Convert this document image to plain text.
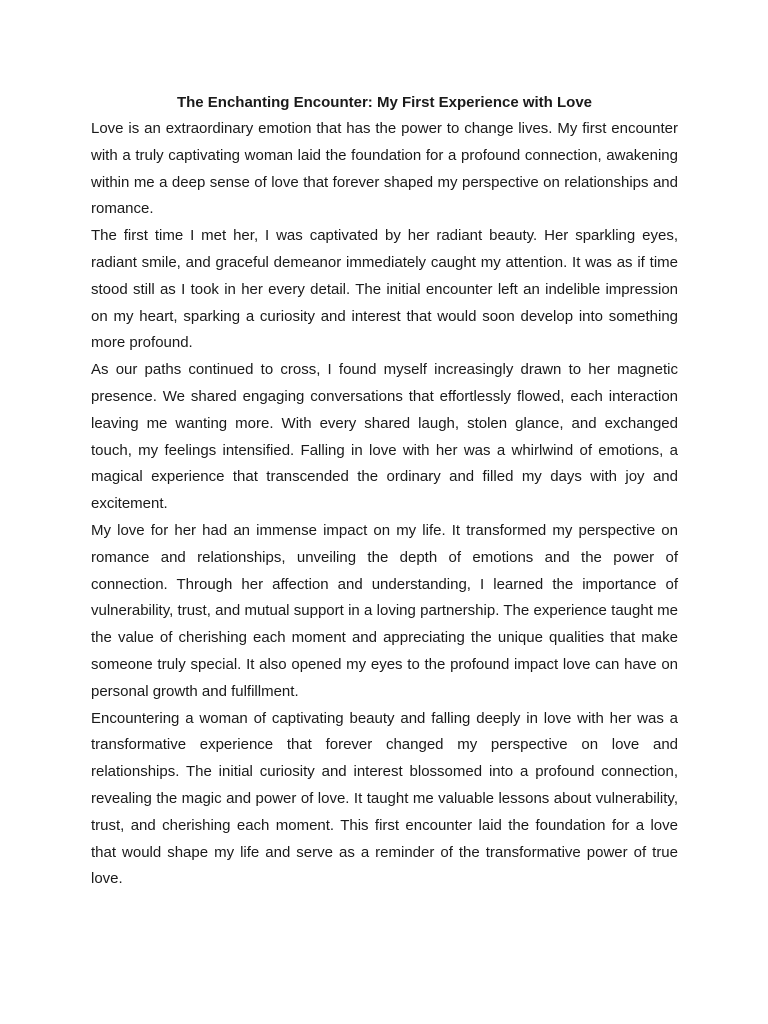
The Enchanting Encounter: My First Experience with Love

Love is an extraordinary emotion that has the power to change lives. My first encounter with a truly captivating woman laid the foundation for a profound connection, awakening within me a deep sense of love that forever shaped my perspective on relationships and romance.

The first time I met her, I was captivated by her radiant beauty. Her sparkling eyes, radiant smile, and graceful demeanor immediately caught my attention. It was as if time stood still as I took in her every detail. The initial encounter left an indelible impression on my heart, sparking a curiosity and interest that would soon develop into something more profound.

As our paths continued to cross, I found myself increasingly drawn to her magnetic presence. We shared engaging conversations that effortlessly flowed, each interaction leaving me wanting more. With every shared laugh, stolen glance, and exchanged touch, my feelings intensified. Falling in love with her was a whirlwind of emotions, a magical experience that transcended the ordinary and filled my days with joy and excitement.

My love for her had an immense impact on my life. It transformed my perspective on romance and relationships, unveiling the depth of emotions and the power of connection. Through her affection and understanding, I learned the importance of vulnerability, trust, and mutual support in a loving partnership. The experience taught me the value of cherishing each moment and appreciating the unique qualities that make someone truly special. It also opened my eyes to the profound impact love can have on personal growth and fulfillment.

Encountering a woman of captivating beauty and falling deeply in love with her was a transformative experience that forever changed my perspective on love and relationships. The initial curiosity and interest blossomed into a profound connection, revealing the magic and power of love. It taught me valuable lessons about vulnerability, trust, and cherishing each moment. This first encounter laid the foundation for a love that would shape my life and serve as a reminder of the transformative power of true love.
